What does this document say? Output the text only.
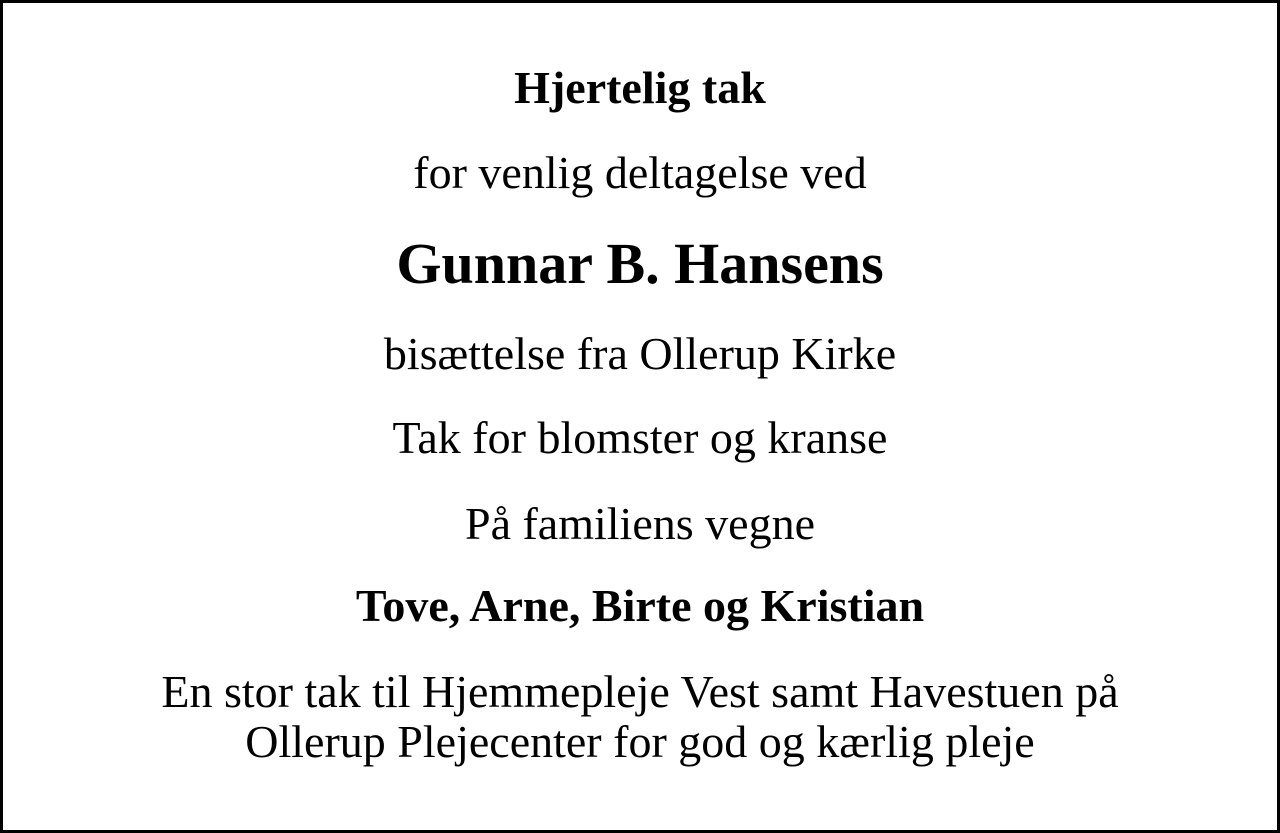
Hjertelig tak

for venlig deltagelse ved

Gunnar B. Hansens

bisættelse fra Ollerup Kirke

Tak for blomster og kranse

På familiens vegne

Tove, Arne, Birte og Kristian

En stor tak til Hjemmepleje Vest samt Havestuen på
Ollerup Plejecenter for god og kærlig pleje
